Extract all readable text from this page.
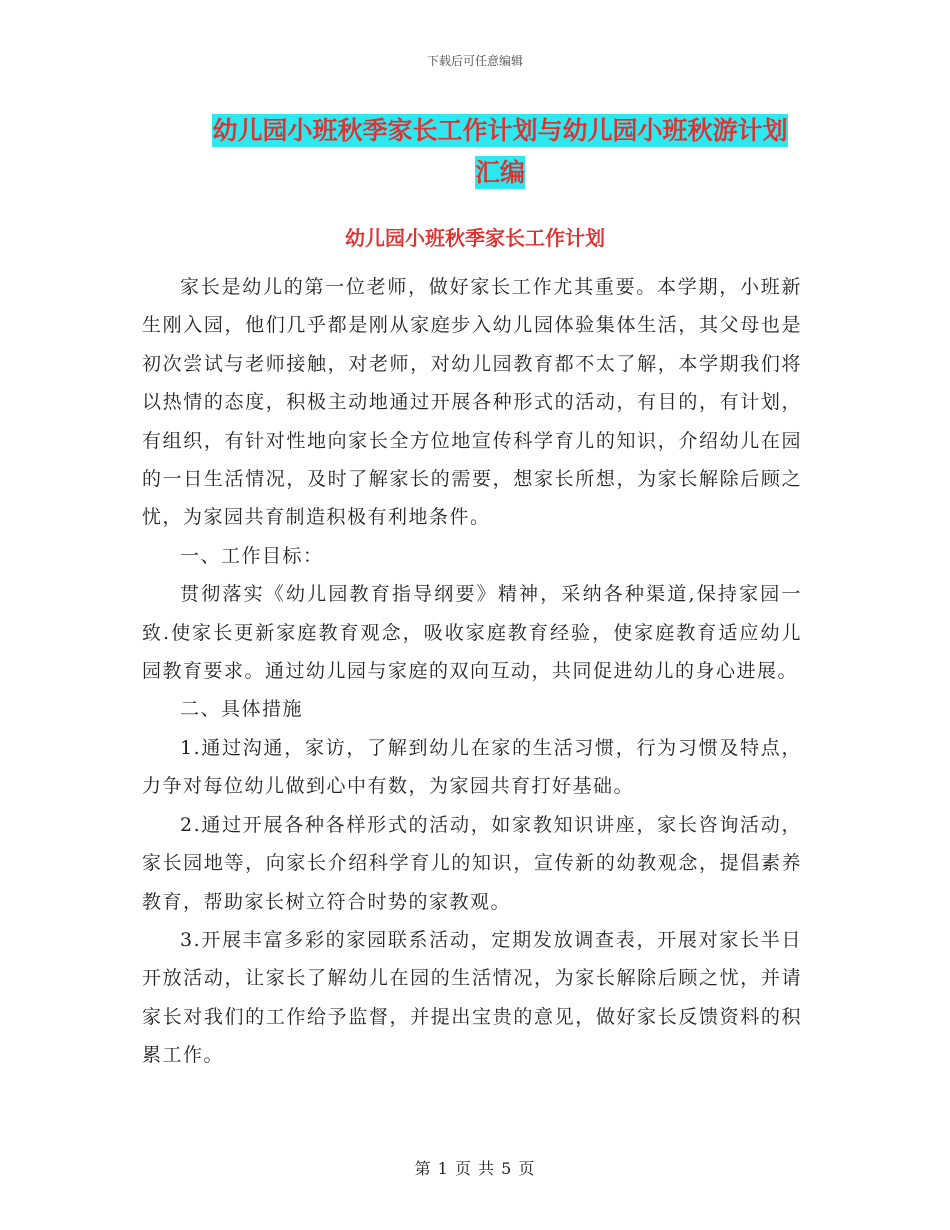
下载后可任意编辑
幼儿园小班秋季家长工作计划与幼儿园小班秋游计划
汇编
幼儿园小班秋季家长工作计划

家长是幼儿的第一位老师，做好家长工作尤其重要。本学期，小班新生刚入园，他们几乎都是刚从家庭步入幼儿园体验集体生活，其父母也是初次尝试与老师接触，对老师，对幼儿园教育都不太了解，本学期我们将以热情的态度，积极主动地通过开展各种形式的活动，有目的，有计划，有组织，有针对性地向家长全方位地宣传科学育儿的知识，介绍幼儿在园的一日生活情况，及时了解家长的需要，想家长所想，为家长解除后顾之忧，为家园共育制造积极有利地条件。

一、工作目标：

贯彻落实《幼儿园教育指导纲要》精神，采纳各种渠道,保持家园一致.使家长更新家庭教育观念，吸收家庭教育经验，使家庭教育适应幼儿园教育要求。通过幼儿园与家庭的双向互动，共同促进幼儿的身心进展。

二、具体措施

1.通过沟通，家访，了解到幼儿在家的生活习惯，行为习惯及特点，力争对每位幼儿做到心中有数，为家园共育打好基础。

2.通过开展各种各样形式的活动，如家教知识讲座，家长咨询活动，家长园地等，向家长介绍科学育儿的知识，宣传新的幼教观念，提倡素养教育，帮助家长树立符合时势的家教观。

3.开展丰富多彩的家园联系活动，定期发放调查表，开展对家长半日开放活动，让家长了解幼儿在园的生活情况，为家长解除后顾之忧，并请家长对我们的工作给予监督，并提出宝贵的意见，做好家长反馈资料的积累工作。

第 1 页 共 5 页
